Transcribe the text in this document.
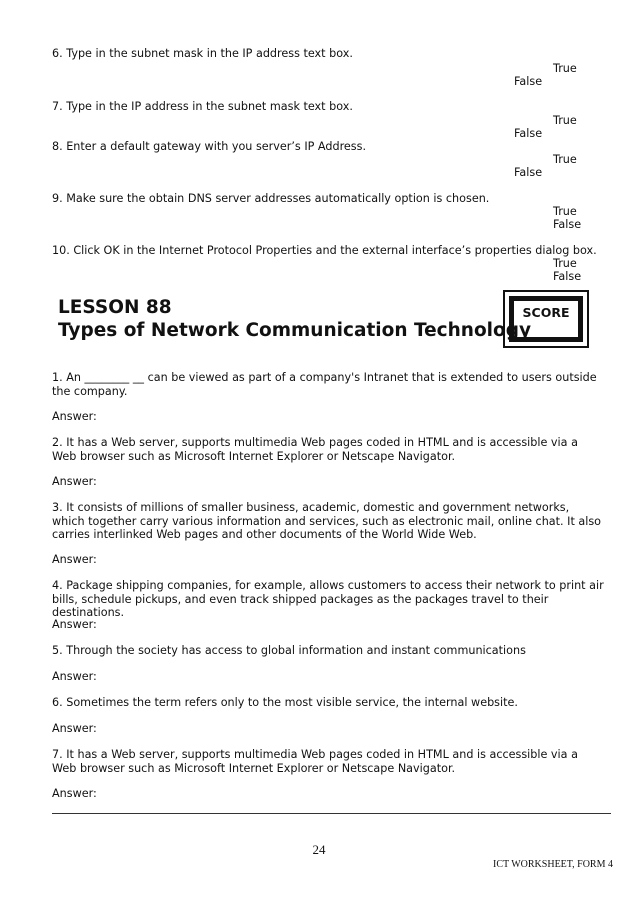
6. Type in the subnet mask in the IP address text box.
True
False
7. Type in the IP address in the subnet mask text box.
True
False
8. Enter a default gateway with you server’s IP Address.
True
False
9. Make sure the obtain DNS server addresses automatically option is chosen.
True
False
10. Click OK in the Internet Protocol Properties and the external interface’s properties dialog box.
True
False
LESSON 88
Types of Network Communication Technology
SCORE
1. An ________ __ can be viewed as part of a company's Intranet that is extended to users outside the company.
Answer:
2. It has a Web server, supports multimedia Web pages coded in HTML and is accessible via a Web browser such as Microsoft Internet Explorer or Netscape Navigator.
Answer:
3. It consists of millions of smaller business, academic, domestic and government networks, which together carry various information and services, such as electronic mail, online chat. It also carries interlinked Web pages and other documents of the World Wide Web.
Answer:
4. Package shipping companies, for example, allows customers to access their network to print air bills, schedule pickups, and even track shipped packages as the packages travel to their destinations.
Answer:
5. Through the society has access to global information and instant communications
Answer:
6. Sometimes the term refers only to the most visible service, the internal website.
Answer:
7. It has a Web server, supports multimedia Web pages coded in HTML and is accessible via a Web browser such as Microsoft Internet Explorer or Netscape Navigator.
Answer:
24
ICT WORKSHEET, FORM 4
